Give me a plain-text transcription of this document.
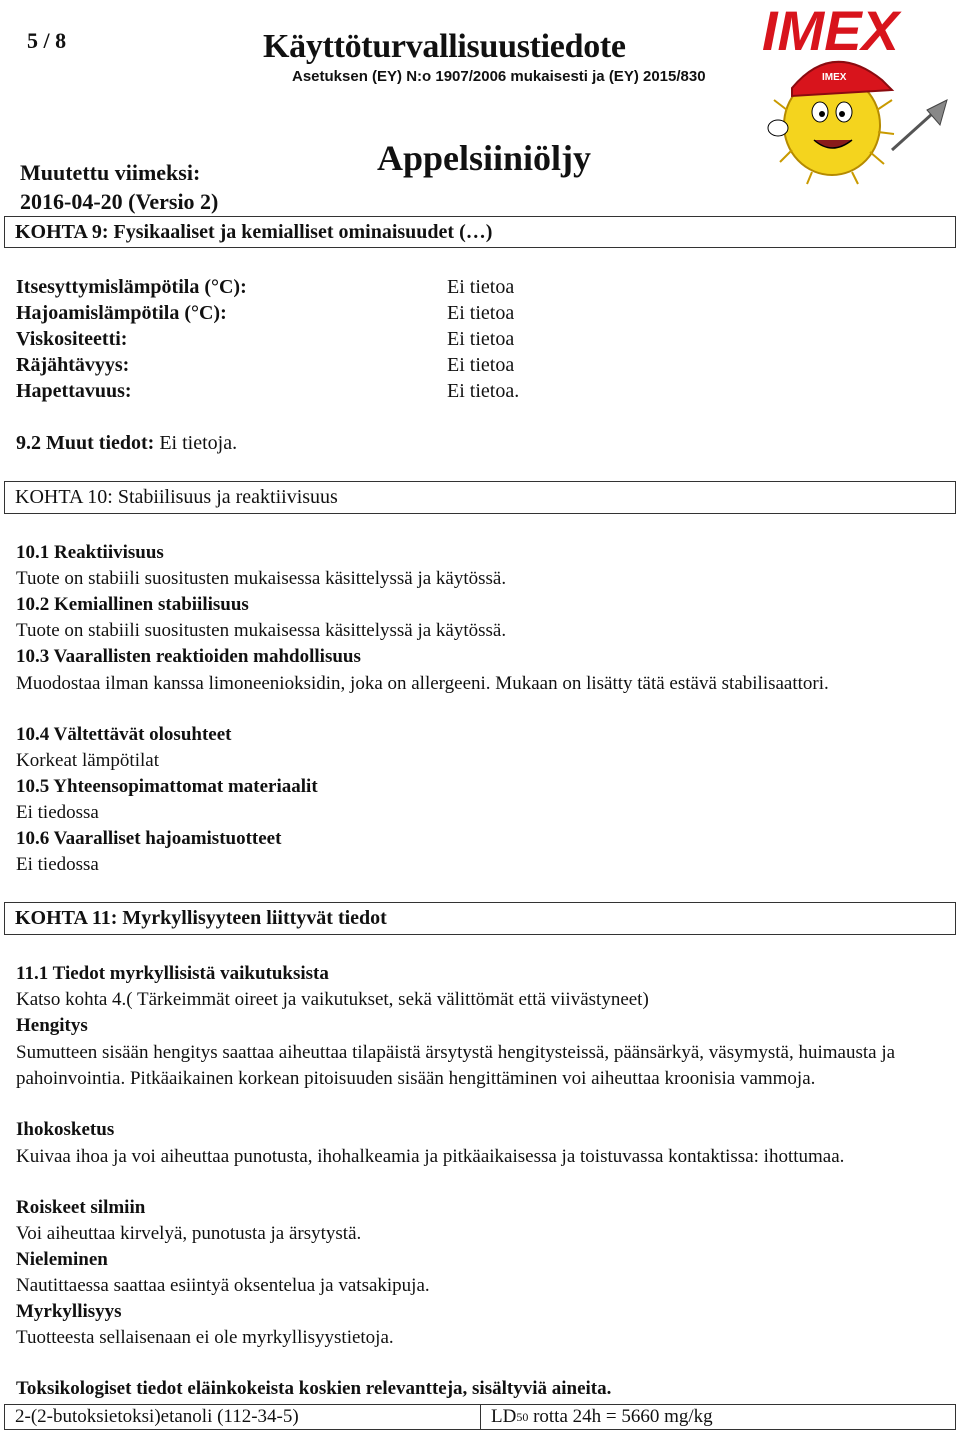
5 / 8	Käyttöturvallisuustiedote
Asetuksen (EY) N:o 1907/2006 mukaisesti ja (EY) 2015/830
Muutettu viimeksi:
2016-04-20 (Versio 2)
Appelsiiniöljy
IMEX
IMEX
KOHTA 9: Fysikaaliset ja kemialliset ominaisuudet (…)
Itsesyttymislämpötila (°C):	Ei tietoa
Hajoamislämpötila (°C):	Ei tietoa
Viskositeetti:	Ei tietoa
Räjähtävyys:	Ei tietoa
Hapettavuus:	Ei tietoa.
9.2 Muut tiedot: Ei tietoja.
KOHTA 10: Stabiilisuus ja reaktiivisuus
10.1 Reaktiivisuus
Tuote on stabiili suositusten mukaisessa käsittelyssä ja käytössä.
10.2 Kemiallinen stabiilisuus
Tuote on stabiili suositusten mukaisessa käsittelyssä ja käytössä.
10.3 Vaarallisten reaktioiden mahdollisuus
Muodostaa ilman kanssa limoneenioksidin, joka on allergeeni. Mukaan on lisätty tätä estävä stabilisaattori.
10.4 Vältettävät olosuhteet
Korkeat lämpötilat
10.5 Yhteensopimattomat materiaalit
Ei tiedossa
10.6 Vaaralliset hajoamistuotteet
Ei tiedossa
KOHTA 11: Myrkyllisyyteen liittyvät tiedot
11.1 Tiedot myrkyllisistä vaikutuksista
Katso kohta 4.( Tärkeimmät oireet ja vaikutukset, sekä välittömät että viivästyneet)
Hengitys
Sumutteen sisään hengitys saattaa aiheuttaa tilapäistä ärsytystä hengitysteissä, päänsärkyä, väsymystä, huimausta ja pahoinvointia. Pitkäaikainen korkean pitoisuuden sisään hengittäminen voi aiheuttaa kroonisia vammoja.
Ihokosketus
Kuivaa ihoa ja voi aiheuttaa punotusta, ihohalkeamia ja pitkäaikaisessa ja toistuvassa kontaktissa: ihottumaa.
Roiskeet silmiin
Voi aiheuttaa kirvelyä, punotusta ja ärsytystä.
Nieleminen
Nautittaessa saattaa esiintyä oksentelua ja vatsakipuja.
Myrkyllisyys
Tuotteesta sellaisenaan ei ole myrkyllisyystietoja.
Toksikologiset tiedot eläinkokeista koskien relevantteja, sisältyviä aineita.
2-(2-butoksietoksi)etanoli (112-34-5)	LD 50 rotta 24h = 5660 mg/kg
